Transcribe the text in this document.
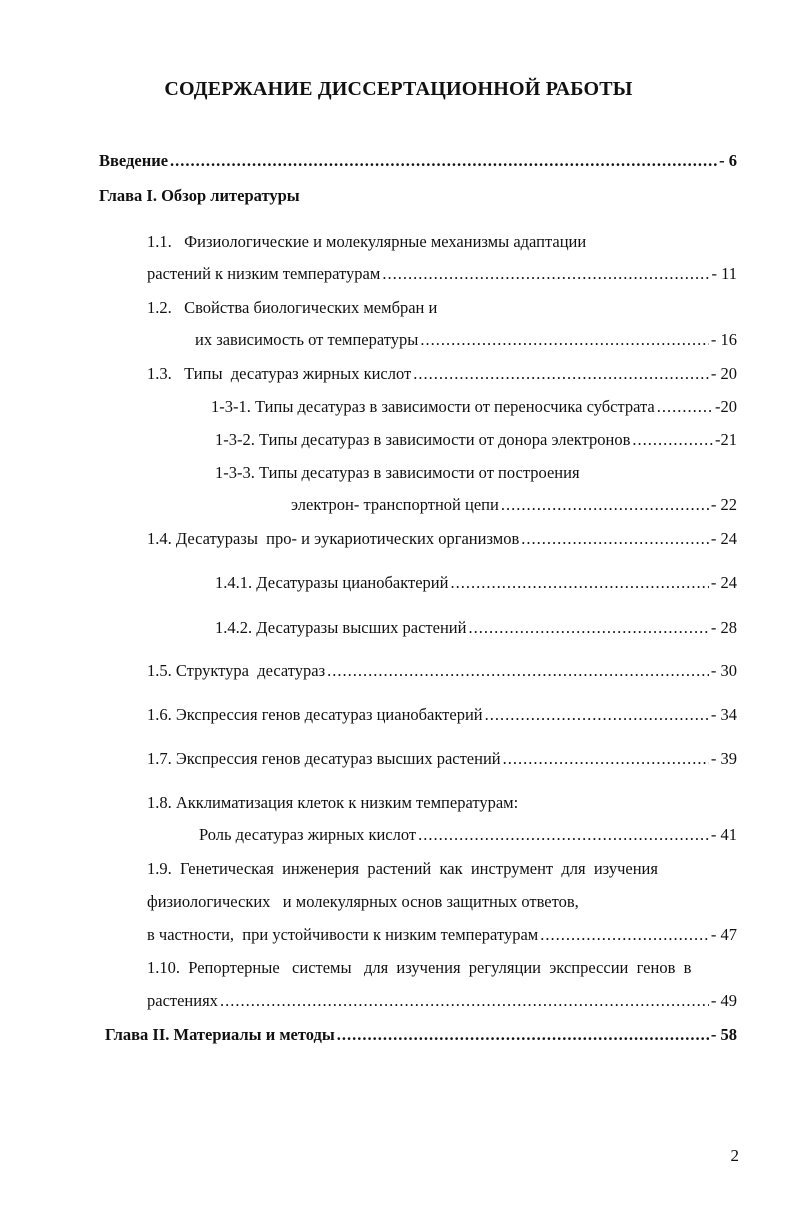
СОДЕРЖАНИЕ ДИССЕРТАЦИОННОЙ РАБОТЫ
Введение .....	- 6
Глава I. Обзор литературы
1.1.   Физиологические и молекулярные механизмы адаптации
растений к низким температурам .....	- 11
1.2.   Свойства биологических мембран и
их зависимость от температуры .....	- 16
1.3.   Типы  десатураз жирных кислот .....	- 20
1-3-1. Типы десатураз в зависимости от переносчика субстрата .....	-20
1-3-2. Типы десатураз в зависимости от донора электронов .....	-21
1-3-3. Типы десатураз в зависимости от построения
электрон- транспортной цепи .....	- 22
1.4. Десатуразы  про- и эукариотических организмов .....	- 24
1.4.1. Десатуразы цианобактерий .....	- 24
1.4.2. Десатуразы высших растений .....	- 28
1.5. Структура  десатураз .....	- 30
1.6. Экспрессия генов десатураз цианобактерий .....	- 34
1.7. Экспрессия генов десатураз высших растений .....	- 39
1.8. Акклиматизация клеток к низким температурам:
Роль десатураз жирных кислот .....	- 41
1.9.  Генетическая  инженерия  растений  как  инструмент  для  изучения
физиологических   и молекулярных основ защитных ответов,
в частности,  при устойчивости к низким температурам .....	- 47
1.10.  Репортерные   системы   для  изучения  регуляции  экспрессии  генов  в
растениях .....	- 49
Глава II. Материалы и методы .....	- 58
2
